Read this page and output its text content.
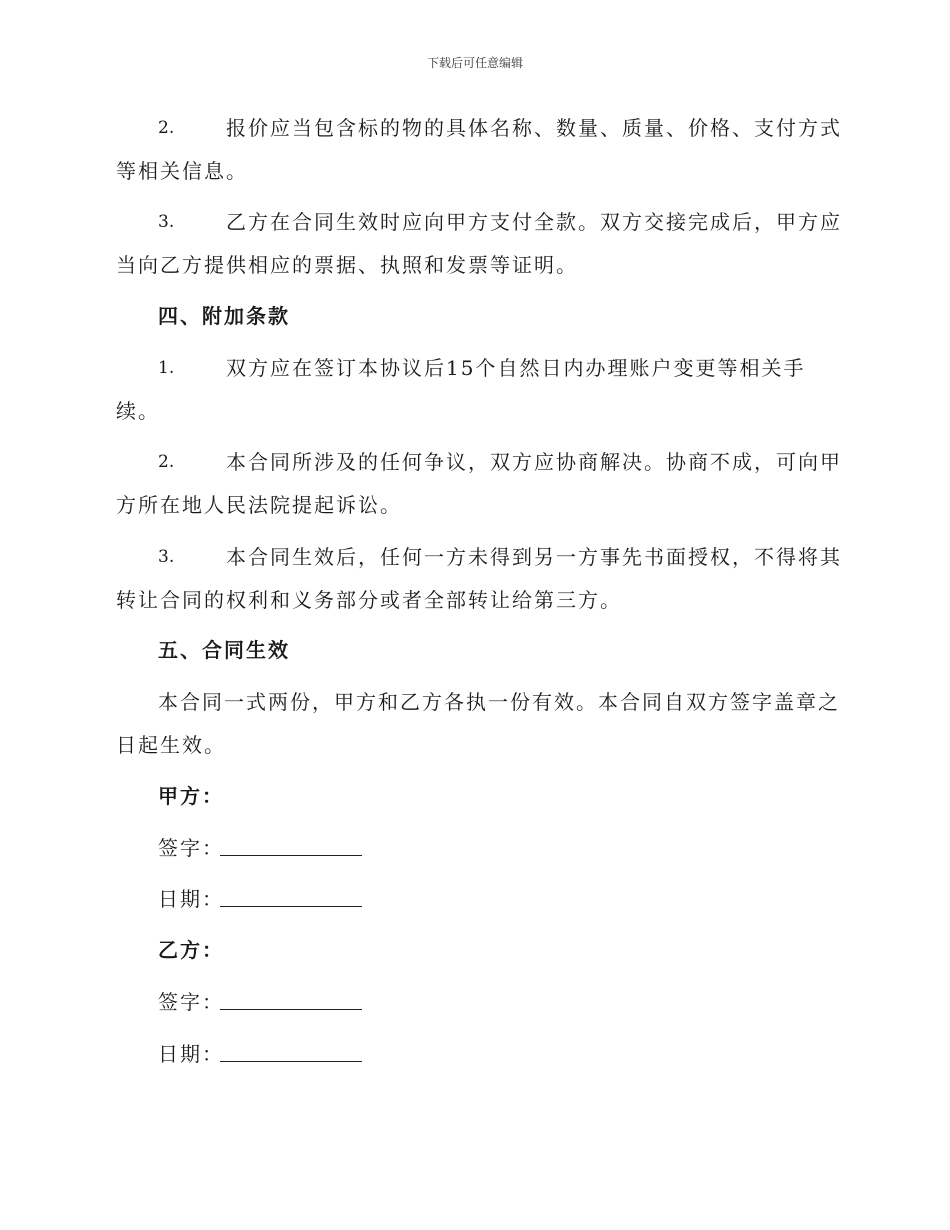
下载后可任意编辑
2.	报价应当包含标的物的具体名称、数量、质量、价格、支付方式
等相关信息。
3.	乙方在合同生效时应向甲方支付全款。双方交接完成后，甲方应
当向乙方提供相应的票据、执照和发票等证明。
四、附加条款
1.	双方应在签订本协议后15个自然日内办理账户变更等相关手
续。
2.	本合同所涉及的任何争议，双方应协商解决。协商不成，可向甲
方所在地人民法院提起诉讼。
3.	本合同生效后，任何一方未得到另一方事先书面授权，不得将其
转让合同的权利和义务部分或者全部转让给第三方。
五、合同生效
本合同一式两份，甲方和乙方各执一份有效。本合同自双方签字盖章之
日起生效。
甲方：
签字：
日期：
乙方：
签字：
日期：
